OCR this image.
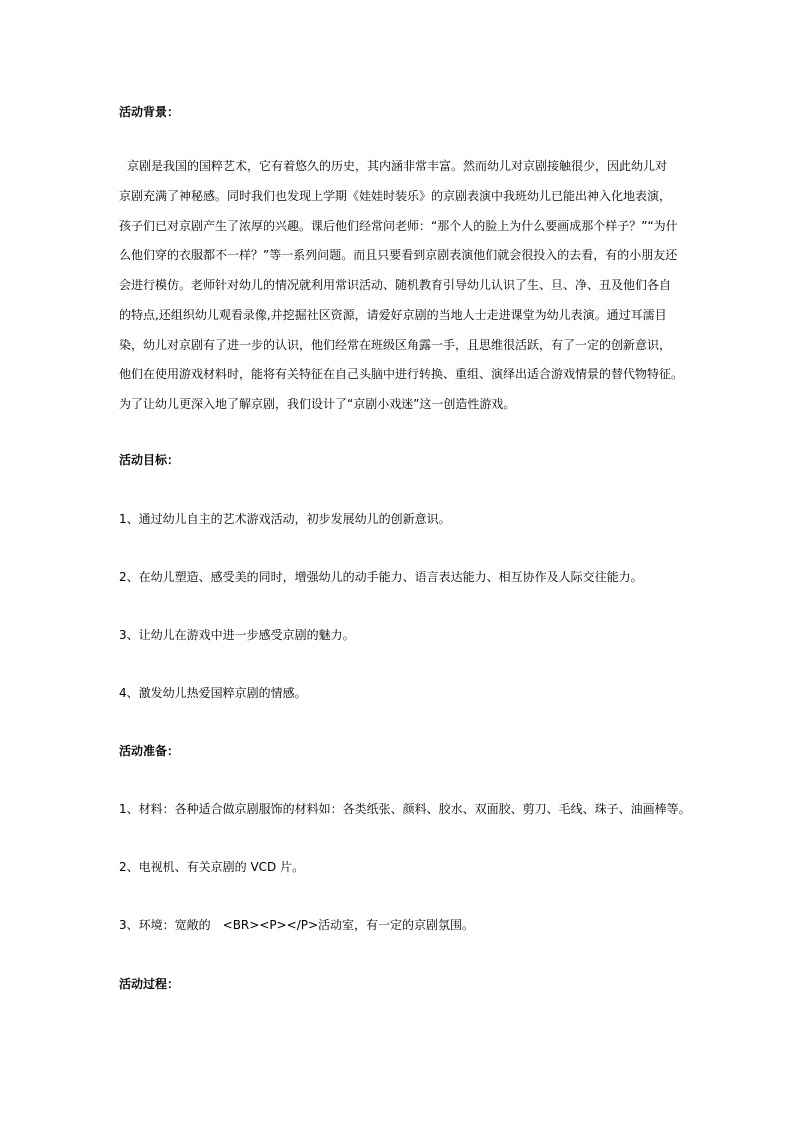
活动背景：
京剧是我国的国粹艺术，它有着悠久的历史，其内涵非常丰富。然而幼儿对京剧接触很少，因此幼儿对
京剧充满了神秘感。同时我们也发现上学期《娃娃时装乐》的京剧表演中我班幼儿已能出神入化地表演，
孩子们已对京剧产生了浓厚的兴趣。课后他们经常问老师：“那个人的脸上为什么要画成那个样子？”“为什
么他们穿的衣服都不一样？”等一系列问题。而且只要看到京剧表演他们就会很投入的去看，有的小朋友还
会进行模仿。老师针对幼儿的情况就利用常识活动、随机教育引导幼儿认识了生、旦、净、丑及他们各自
的特点,还组织幼儿观看录像,并挖掘社区资源，请爱好京剧的当地人士走进课堂为幼儿表演。通过耳濡目
染，幼儿对京剧有了进一步的认识，他们经常在班级区角露一手，且思维很活跃，有了一定的创新意识，
他们在使用游戏材料时，能将有关特征在自己头脑中进行转换、重组、演绎出适合游戏情景的替代物特征。
为了让幼儿更深入地了解京剧，我们设计了“京剧小戏迷”这一创造性游戏。
活动目标：
1、通过幼儿自主的艺术游戏活动，初步发展幼儿的创新意识。
2、在幼儿塑造、感受美的同时，增强幼儿的动手能力、语言表达能力、相互协作及人际交往能力。
3、让幼儿在游戏中进一步感受京剧的魅力。
4、激发幼儿热爱国粹京剧的情感。
活动准备：
1、材料：各种适合做京剧服饰的材料如：各类纸张、颜料、胶水、双面胶、剪刀、毛线、珠子、油画棒等。
2、电视机、有关京剧的 VCD 片。
3、环境：宽敞的　<BR><P></P>活动室，有一定的京剧氛围。
活动过程：
